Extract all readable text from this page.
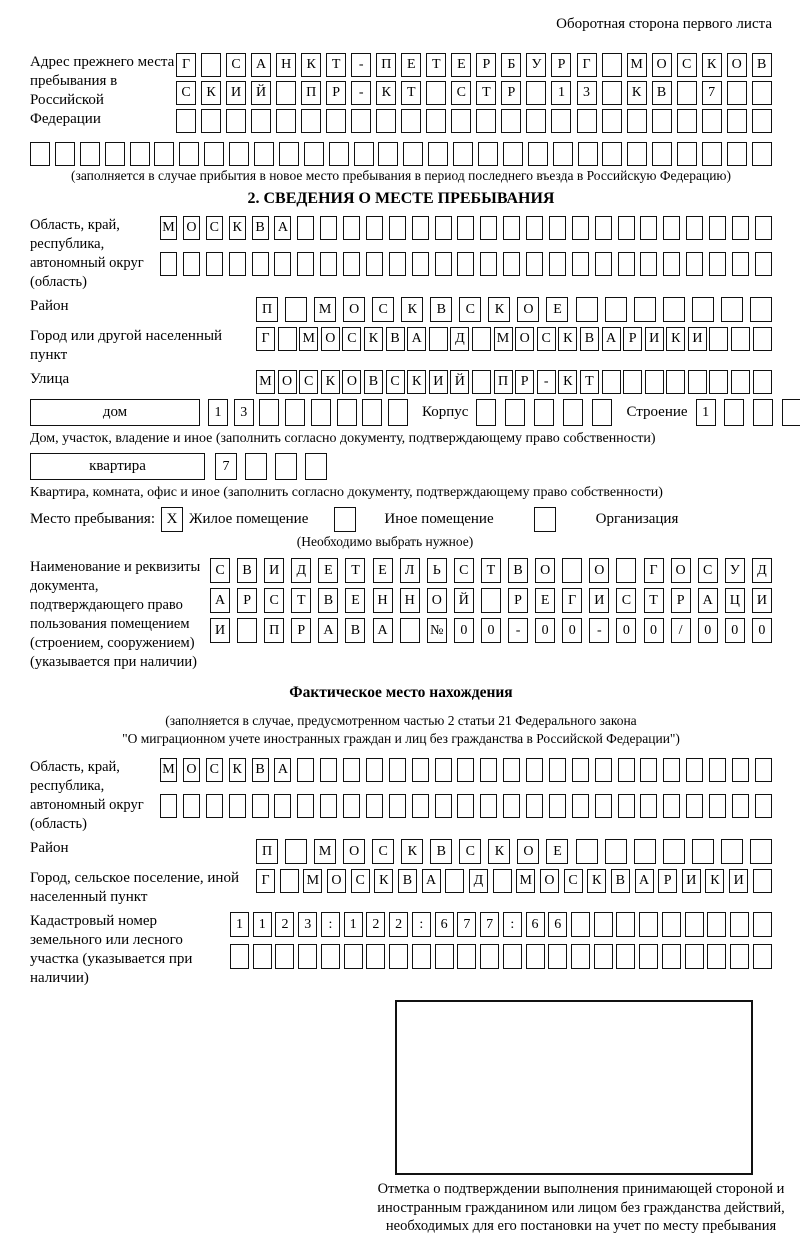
Оборотная сторона первого листа
Адрес прежнего места пребывания в Российской Федерации
Г	С	А	Н	К	Т	-	П	Е	Т	Е	Р	Б	У	Р	Г	М О	С	К	О	В
С	К	И	Й	П	Р	-	К	Т	С	Т	Р	1	3	К	В	7
(заполняется в случае прибытия в новое место пребывания в период последнего въезда в Российскую Федерацию)
2. СВЕДЕНИЯ О МЕСТЕ ПРЕБЫВАНИЯ
Область, край, республика, автономный округ (область)
М О С К В А
Район	П	М	О	С	К	В	С	К	О	Е
Город или другой населенный пункт
Г	М О С К В А	Д	М О С К В А Р И К И
Улица	М О С К О В С К И Й	П Р	-	К Т
дом	1	3	Корпус	Строение	1
Дом, участок, владение и иное (заполнить согласно документу, подтверждающему право собственности)
квартира	7
Квартира, комната, офис и иное (заполнить согласно документу, подтверждающему право собственности)
Место пребывания: X Жилое помещение	Иное помещение	Организация
(Необходимо выбрать нужное)
Наименование и реквизиты документа, подтверждающего право пользования помещением (строением, сооружением) (указывается при наличии)
С	В	И	Д	Е	Т	Е	Л	Ь	С	Т	В	О	О	Г	О	С	У	Д
А	Р	С	Т	В	Е	Н	Н	О	Й	Р	Е	Г	И	С	Т	Р	А	Ц	И
И	П	Р	А	В	А	№	0	0	-	0	0	-	0	0	/	0	0	0
Фактическое место нахождения
(заполняется в случае, предусмотренном частью 2 статьи 21 Федерального закона
"О миграционном учете иностранных граждан и лиц без гражданства в Российской Федерации")
Область, край, республика, автономный округ (область)
М О С К В А
Район	П	М	О	С	К	В	С	К	О	Е
Город, сельское поселение, иной населенный пункт
Г	М О С	К	В А	Д	М О С	К	В А	Р	И К И
Кадастровый номер земельного или лесного участка (указывается при наличии)
1	1	2	3	:	1	2	2	:	6	7	7	:	6	6
Отметка о подтверждении выполнения принимающей стороной и иностранным гражданином или лицом без гражданства действий, необходимых для его постановки на учет по месту пребывания
